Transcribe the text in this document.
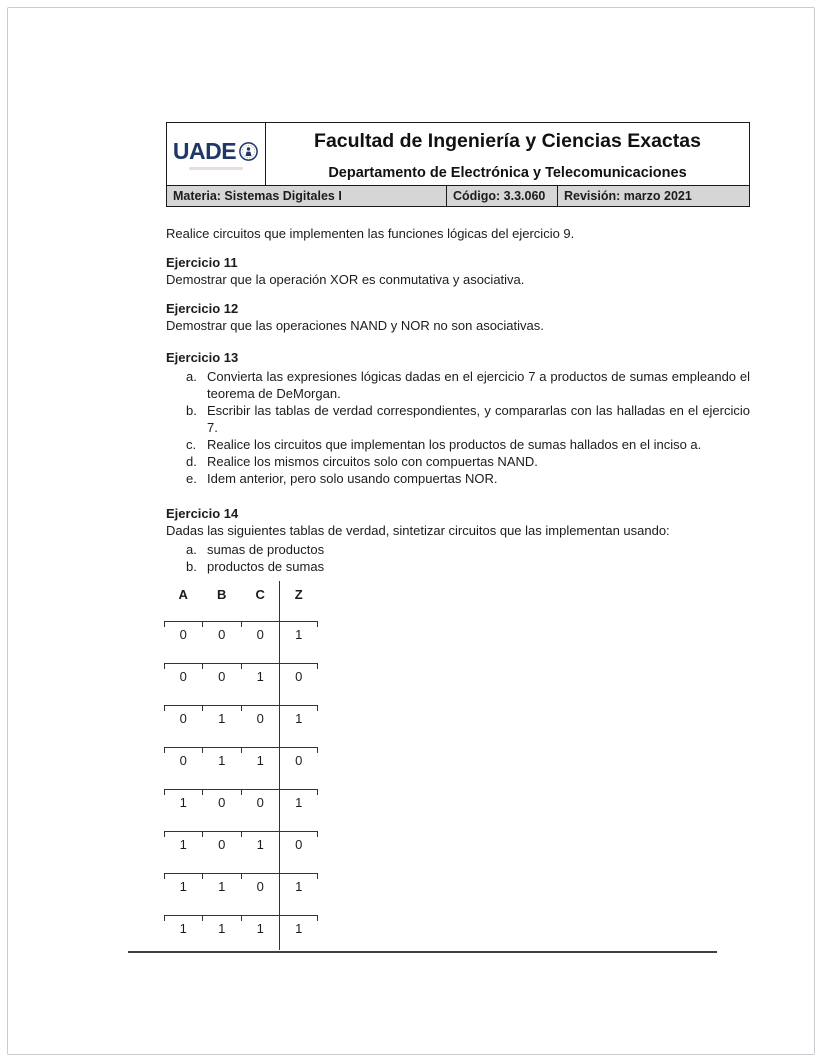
UADE	Facultad de Ingeniería y Ciencias Exactas
Departamento de Electrónica y Telecomunicaciones
Materia: Sistemas Digitales I	Código: 3.3.060	Revisión: marzo 2021

Realice circuitos que implementen las funciones lógicas del ejercicio 9.

Ejercicio 11

Demostrar que la operación XOR es conmutativa y asociativa.

Ejercicio 12

Demostrar que las operaciones NAND y NOR no son asociativas.

Ejercicio 13

a. Convierta las expresiones lógicas dadas en el ejercicio 7 a productos de sumas empleando el teorema de DeMorgan.
b. Escribir las tablas de verdad correspondientes, y compararlas con las halladas en el ejercicio 7.
c. Realice los circuitos que implementan los productos de sumas hallados en el inciso a.
d. Realice los mismos circuitos solo con compuertas NAND.
e. Idem anterior, pero solo usando compuertas NOR.

Ejercicio 14

Dadas las siguientes tablas de verdad, sintetizar circuitos que las implementan usando:

a. sumas de productos
b. productos de sumas
A	B	C	Z
0	0	0	1
0	0	1	0
0	1	0	1
0	1	1	0
1	0	0	1
1	0	1	0
1	1	0	1
1	1	1	1
